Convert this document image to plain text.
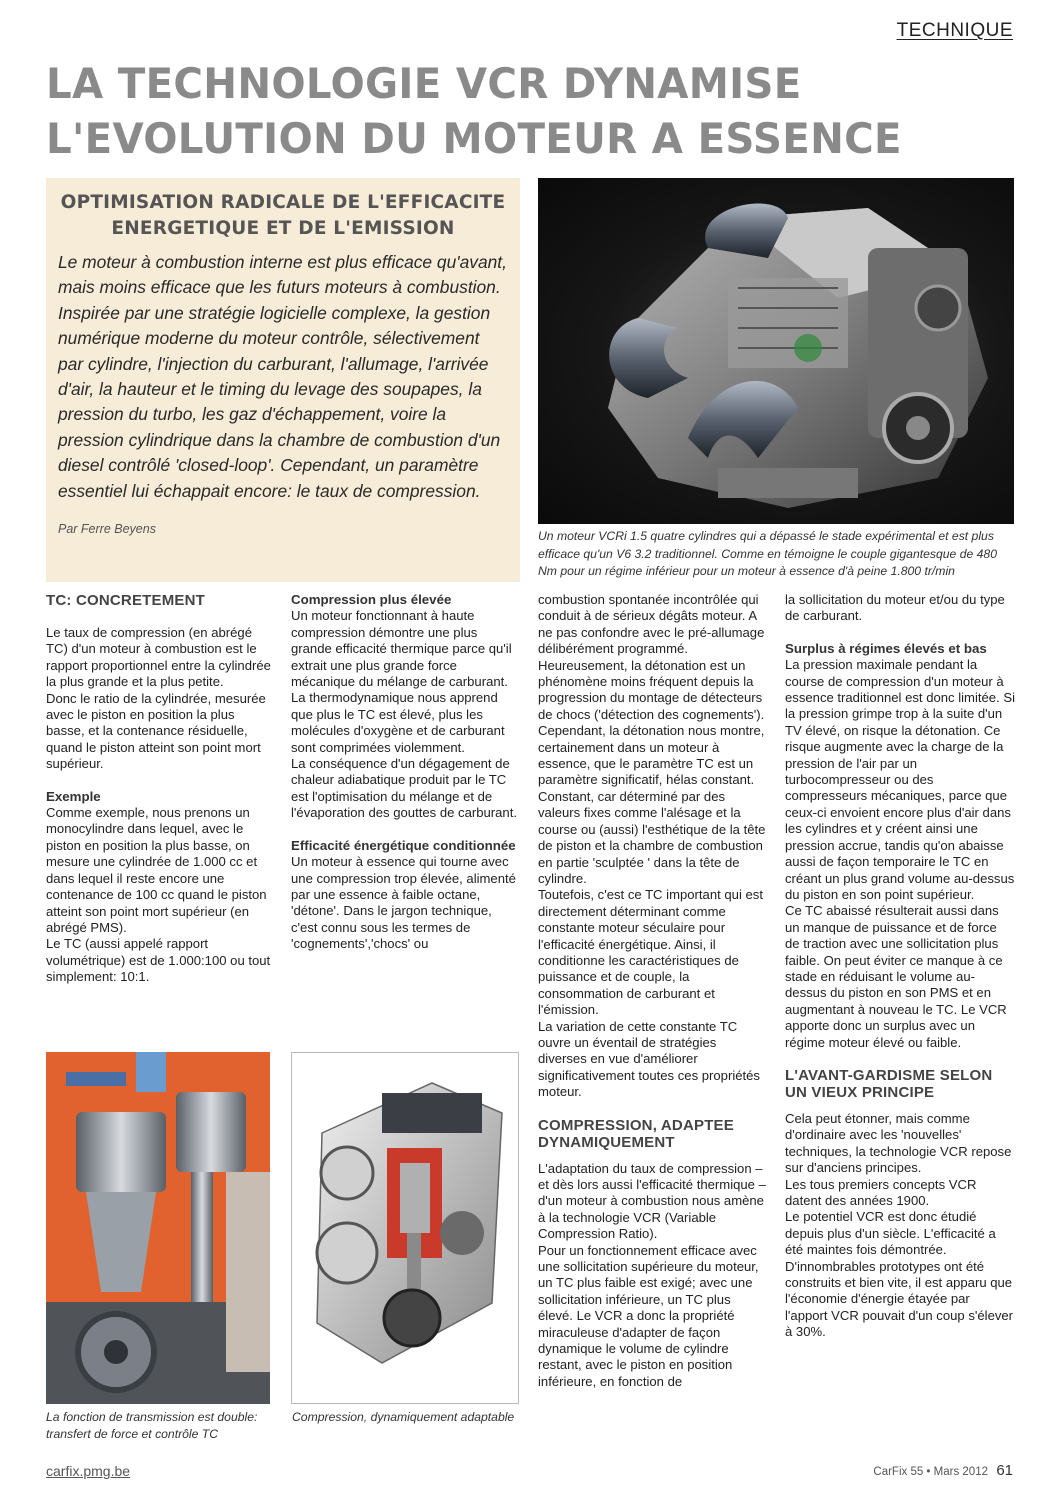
TECHNIQUE
LA TECHNOLOGIE VCR DYNAMISE
L'EVOLUTION DU MOTEUR A ESSENCE
OPTIMISATION RADICALE DE L'EFFICACITE
ENERGETIQUE ET DE L'EMISSION
Le moteur à combustion interne est plus efficace qu'avant, mais moins efficace que les futurs moteurs à combustion. Inspirée par une stratégie logicielle complexe, la gestion numérique moderne du moteur contrôle, sélectivement par cylindre, l'injection du carburant, l'allumage, l'arrivée d'air, la hauteur et le timing du levage des soupapes, la pression du turbo, les gaz d'échappement, voire la pression cylindrique dans la chambre de combustion d'un diesel contrôlé 'closed-loop'. Cependant, un paramètre essentiel lui échappait encore: le taux de compression.
Par Ferre Beyens	Un moteur VCRi 1.5 quatre cylindres qui a dépassé le stade expérimental et est plus efficace qu'un V6 3.2 traditionnel. Comme en témoigne le couple gigantesque de 480 Nm pour un régime inférieur pour un moteur à essence d'à peine 1.800 tr/min
TC: CONCRETEMENT

Le taux de compression (en abrégé TC) d'un moteur à combustion est le rapport proportionnel entre la cylindrée la plus grande et la plus petite.

Donc le ratio de la cylindrée, mesurée avec le piston en position la plus basse, et la contenance résiduelle, quand le piston atteint son point mort supérieur.

Exemple

Comme exemple, nous prenons un monocylindre dans lequel, avec le piston en position la plus basse, on mesure une cylindrée de 1.000 cc et dans lequel il reste encore une contenance de 100 cc quand le piston atteint son point mort supérieur (en abrégé PMS).

Le TC (aussi appelé rapport volumétrique) est de 1.000:100 ou tout simplement: 10:1.

Compression plus élevée

Un moteur fonctionnant à haute compression démontre une plus grande efficacité thermique parce qu'il extrait une plus grande force mécanique du mélange de carburant.

La thermodynamique nous apprend que plus le TC est élevé, plus les molécules d'oxygène et de carburant sont comprimées violemment.

La conséquence d'un dégagement de chaleur adiabatique produit par le TC est l'optimisation du mélange et de l'évaporation des gouttes de carburant.

Efficacité énergétique conditionnée

Un moteur à essence qui tourne avec une compression trop élevée, alimenté par une essence à faible octane, 'détone'. Dans le jargon technique, c'est connu sous les termes de 'cognements','chocs' ou

combustion spontanée incontrôlée qui conduit à de sérieux dégâts moteur. A ne pas confondre avec le pré-allumage délibérément programmé. Heureusement, la détonation est un phénomène moins fréquent depuis la progression du montage de détecteurs de chocs ('détection des cognements'). Cependant, la détonation nous montre, certainement dans un moteur à essence, que le paramètre TC est un paramètre significatif, hélas constant.

Constant, car déterminé par des valeurs fixes comme l'alésage et la course ou (aussi) l'esthétique de la tête de piston et la chambre de combustion en partie 'sculptée ' dans la tête de cylindre.

Toutefois, c'est ce TC important qui est directement déterminant comme constante moteur séculaire pour l'efficacité énergétique. Ainsi, il conditionne les caractéristiques de puissance et de couple, la consommation de carburant et l'émission.

La variation de cette constante TC ouvre un éventail de stratégies diverses en vue d'améliorer significativement toutes ces propriétés moteur.

COMPRESSION, ADAPTEE DYNAMIQUEMENT

L'adaptation du taux de compression – et dès lors aussi l'efficacité thermique – d'un moteur à combustion nous amène à la technologie VCR (Variable Compression Ratio).

Pour un fonctionnement efficace avec une sollicitation supérieure du moteur, un TC plus faible est exigé; avec une sollicitation inférieure, un TC plus élevé. Le VCR a donc la propriété miraculeuse d'adapter de façon dynamique le volume de cylindre restant, avec le piston en position inférieure, en fonction de

la sollicitation du moteur et/ou du type de carburant.

Surplus à régimes élevés et bas

La pression maximale pendant la course de compression d'un moteur à essence traditionnel est donc limitée. Si la pression grimpe trop à la suite d'un TV élevé, on risque la détonation. Ce risque augmente avec la charge de la pression de l'air par un turbocompresseur ou des compresseurs mécaniques, parce que ceux-ci envoient encore plus d'air dans les cylindres et y créent ainsi une pression accrue, tandis qu'on abaisse aussi de façon temporaire le TC en créant un plus grand volume au-dessus du piston en son point supérieur.

Ce TC abaissé résulterait aussi dans un manque de puissance et de force de traction avec une sollicitation plus faible. On peut éviter ce manque à ce stade en réduisant le volume au-dessus du piston en son PMS et en augmentant à nouveau le TC. Le VCR apporte donc un surplus avec un régime moteur élevé ou faible.

L'AVANT-GARDISME SELON UN VIEUX PRINCIPE

Cela peut étonner, mais comme d'ordinaire avec les 'nouvelles' techniques, la technologie VCR repose sur d'anciens principes.

Les tous premiers concepts VCR datent des années 1900.

Le potentiel VCR est donc étudié depuis plus d'un siècle. L'efficacité a été maintes fois démontrée.

D'innombrables prototypes ont été construits et bien vite, il est apparu que l'économie d'énergie étayée par l'apport VCR pouvait d'un coup s'élever à 30%.

La fonction de transmission est double: transfert de force et contrôle TC
Compression, dynamiquement adaptable
carfix.pmg.be	CarFix 55 • Mars 2012 61
